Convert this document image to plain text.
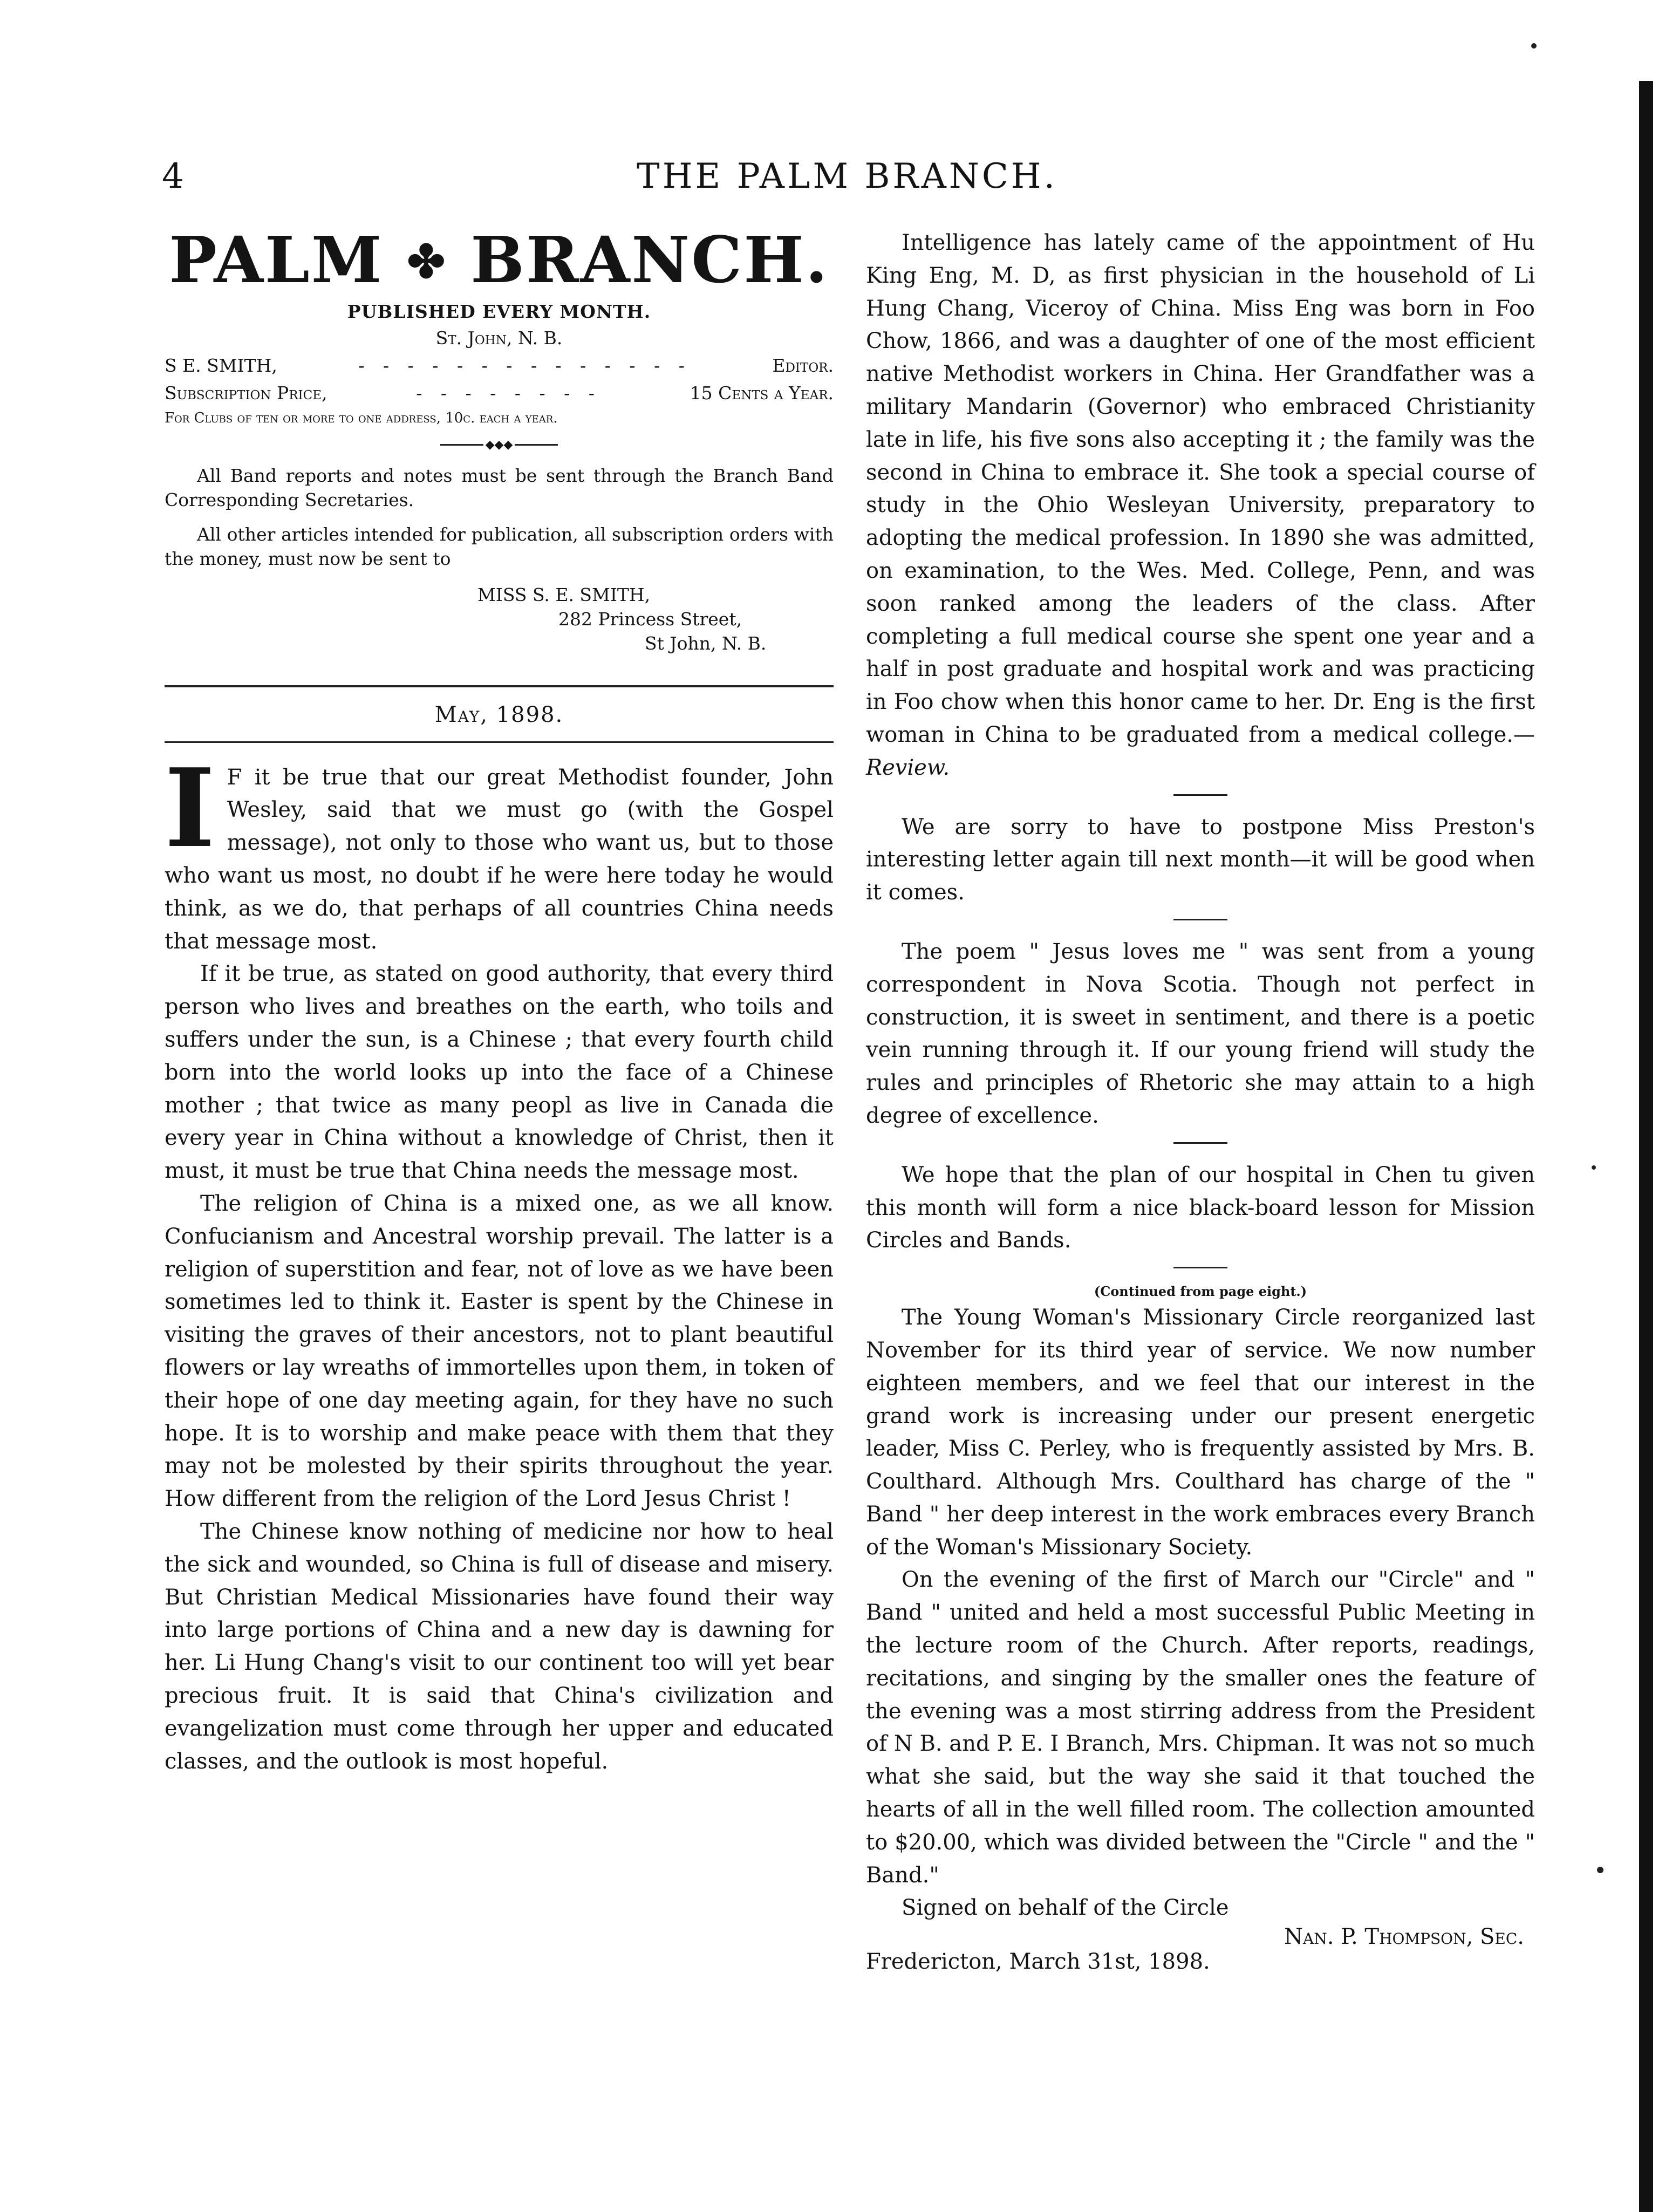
4	THE PALM BRANCH.
PALM ✤ BRANCH.
PUBLISHED EVERY MONTH.
St. John, N. B.
S E. SMITH,	- - - - - - - - - - - - - -	Editor.
Subscription Price,	- - - - - - - -	15 Cents a Year.
For Clubs of ten or more to one address, 10c. each a year.
◆◆◆

All Band reports and notes must be sent through the Branch Band Corresponding Secretaries.

All other articles intended for publication, all subscription orders with the money, must now be sent to

MISS S. E. SMITH,
282 Princess Street,
St John, N. B.
May, 1898.

I F it be true that our great Methodist founder, John Wesley, said that we must go (with the Gospel message), not only to those who want us, but to those who want us most, no doubt if he were here today he would think, as we do, that perhaps of all countries China needs that message most.

If it be true, as stated on good authority, that every third person who lives and breathes on the earth, who toils and suffers under the sun, is a Chinese ; that every fourth child born into the world looks up into the face of a Chinese mother ; that twice as many peopl as live in Canada die every year in China without a knowledge of Christ, then it must, it must be true that China needs the message most.

The religion of China is a mixed one, as we all know. Confucianism and Ancestral worship prevail. The latter is a religion of superstition and fear, not of love as we have been sometimes led to think it. Easter is spent by the Chinese in visiting the graves of their ancestors, not to plant beautiful flowers or lay wreaths of immortelles upon them, in token of their hope of one day meeting again, for they have no such hope. It is to worship and make peace with them that they may not be molested by their spirits throughout the year. How different from the religion of the Lord Jesus Christ !

The Chinese know nothing of medicine nor how to heal the sick and wounded, so China is full of disease and misery. But Christian Medical Missionaries have found their way into large portions of China and a new day is dawning for her. Li Hung Chang's visit to our continent too will yet bear precious fruit. It is said that China's civilization and evangelization must come through her upper and educated classes, and the outlook is most hopeful.

Intelligence has lately came of the appointment of Hu King Eng, M. D, as first physician in the household of Li Hung Chang, Viceroy of China. Miss Eng was born in Foo Chow, 1866, and was a daughter of one of the most efficient native Methodist workers in China. Her Grandfather was a military Mandarin (Governor) who embraced Christianity late in life, his five sons also accepting it ; the family was the second in China to embrace it. She took a special course of study in the Ohio Wesleyan University, preparatory to adopting the medical profession. In 1890 she was admitted, on examination, to the Wes. Med. College, Penn, and was soon ranked among the leaders of the class. After completing a full medical course she spent one year and a half in post graduate and hospital work and was practicing in Foo chow when this honor came to her. Dr. Eng is the first woman in China to be graduated from a medical college.—Review.

We are sorry to have to postpone Miss Preston's interesting letter again till next month—it will be good when it comes.

The poem " Jesus loves me " was sent from a young correspondent in Nova Scotia. Though not perfect in construction, it is sweet in sentiment, and there is a poetic vein running through it. If our young friend will study the rules and principles of Rhetoric she may attain to a high degree of excellence.

We hope that the plan of our hospital in Chen tu given this month will form a nice black-board lesson for Mission Circles and Bands.

(Continued from page eight.)

The Young Woman's Missionary Circle reorganized last November for its third year of service. We now number eighteen members, and we feel that our interest in the grand work is increasing under our present energetic leader, Miss C. Perley, who is frequently assisted by Mrs. B. Coulthard. Although Mrs. Coulthard has charge of the " Band " her deep interest in the work embraces every Branch of the Woman's Missionary Society.

On the evening of the first of March our "Circle" and " Band " united and held a most successful Public Meeting in the lecture room of the Church. After reports, readings, recitations, and singing by the smaller ones the feature of the evening was a most stirring address from the President of N B. and P. E. I Branch, Mrs. Chipman. It was not so much what she said, but the way she said it that touched the hearts of all in the well filled room. The collection amounted to $20.00, which was divided between the "Circle " and the " Band."

Signed on behalf of the Circle

Nan. P. Thompson, Sec.
Fredericton, March 31st, 1898.
